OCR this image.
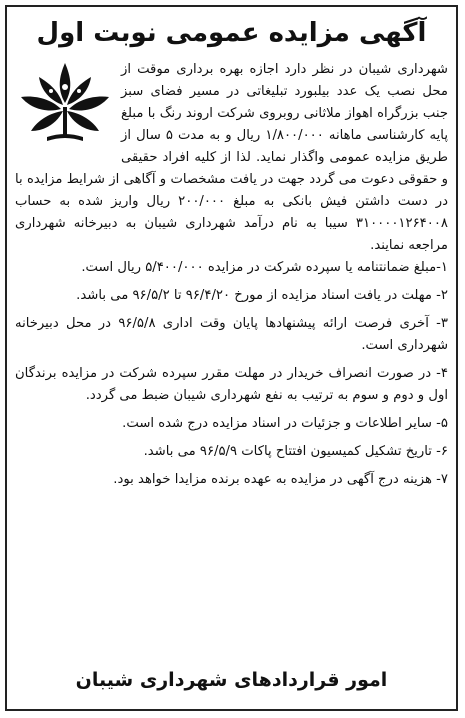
آگهی مزایده عمومی نوبت اول

شهرداری شیبان در نظر دارد اجازه بهره برداری موقت از محل نصب یک عدد بیلبورد تبلیغاتی در مسیر فضای سبز جنب بزرگراه اهواز ملاثانی روبروی شرکت اروند رنگ با مبلغ پایه کارشناسی ماهانه ۱/۸۰۰/۰۰۰ ریال و به مدت ۵ سال از طریق مزایده عمومی واگذار نماید. لذا از کلیه افراد حقیقی و حقوقی دعوت می گردد جهت در یافت مشخصات و آگاهی از شرایط مزایده با در دست داشتن فیش بانکی به مبلغ ۲۰۰/۰۰۰ ریال واریز شده به حساب ۳۱۰۰۰۰۱۲۶۴۰۰۸ سیبا به نام درآمد شهرداری شیبان به دبیرخانه شهرداری مراجعه نمایند.

۱-مبلغ ضمانتنامه یا سپرده شرکت در مزایده ۵/۴۰۰/۰۰۰ ریال است.
۲- مهلت در یافت اسناد مزایده از مورخ ۹۶/۴/۲۰ تا ۹۶/۵/۲ می باشد.
۳- آخری فرصت ارائه پیشنهادها پایان وقت اداری ۹۶/۵/۸ در محل دبیرخانه شهرداری است.
۴- در صورت انصراف خریدار در مهلت مقرر سپرده شرکت در مزایده برندگان اول و دوم و سوم به ترتیب به نفع شهرداری شیبان ضبط می گردد.
۵- سایر اطلاعات و جزئیات در اسناد مزایده درج شده است.
۶- تاریخ تشکیل کمیسیون افتتاح پاکات ۹۶/۵/۹ می باشد.
۷- هزینه درج آگهی در مزایده به عهده برنده مزایدا خواهد بود.
امور قراردادهای شهرداری شیبان
